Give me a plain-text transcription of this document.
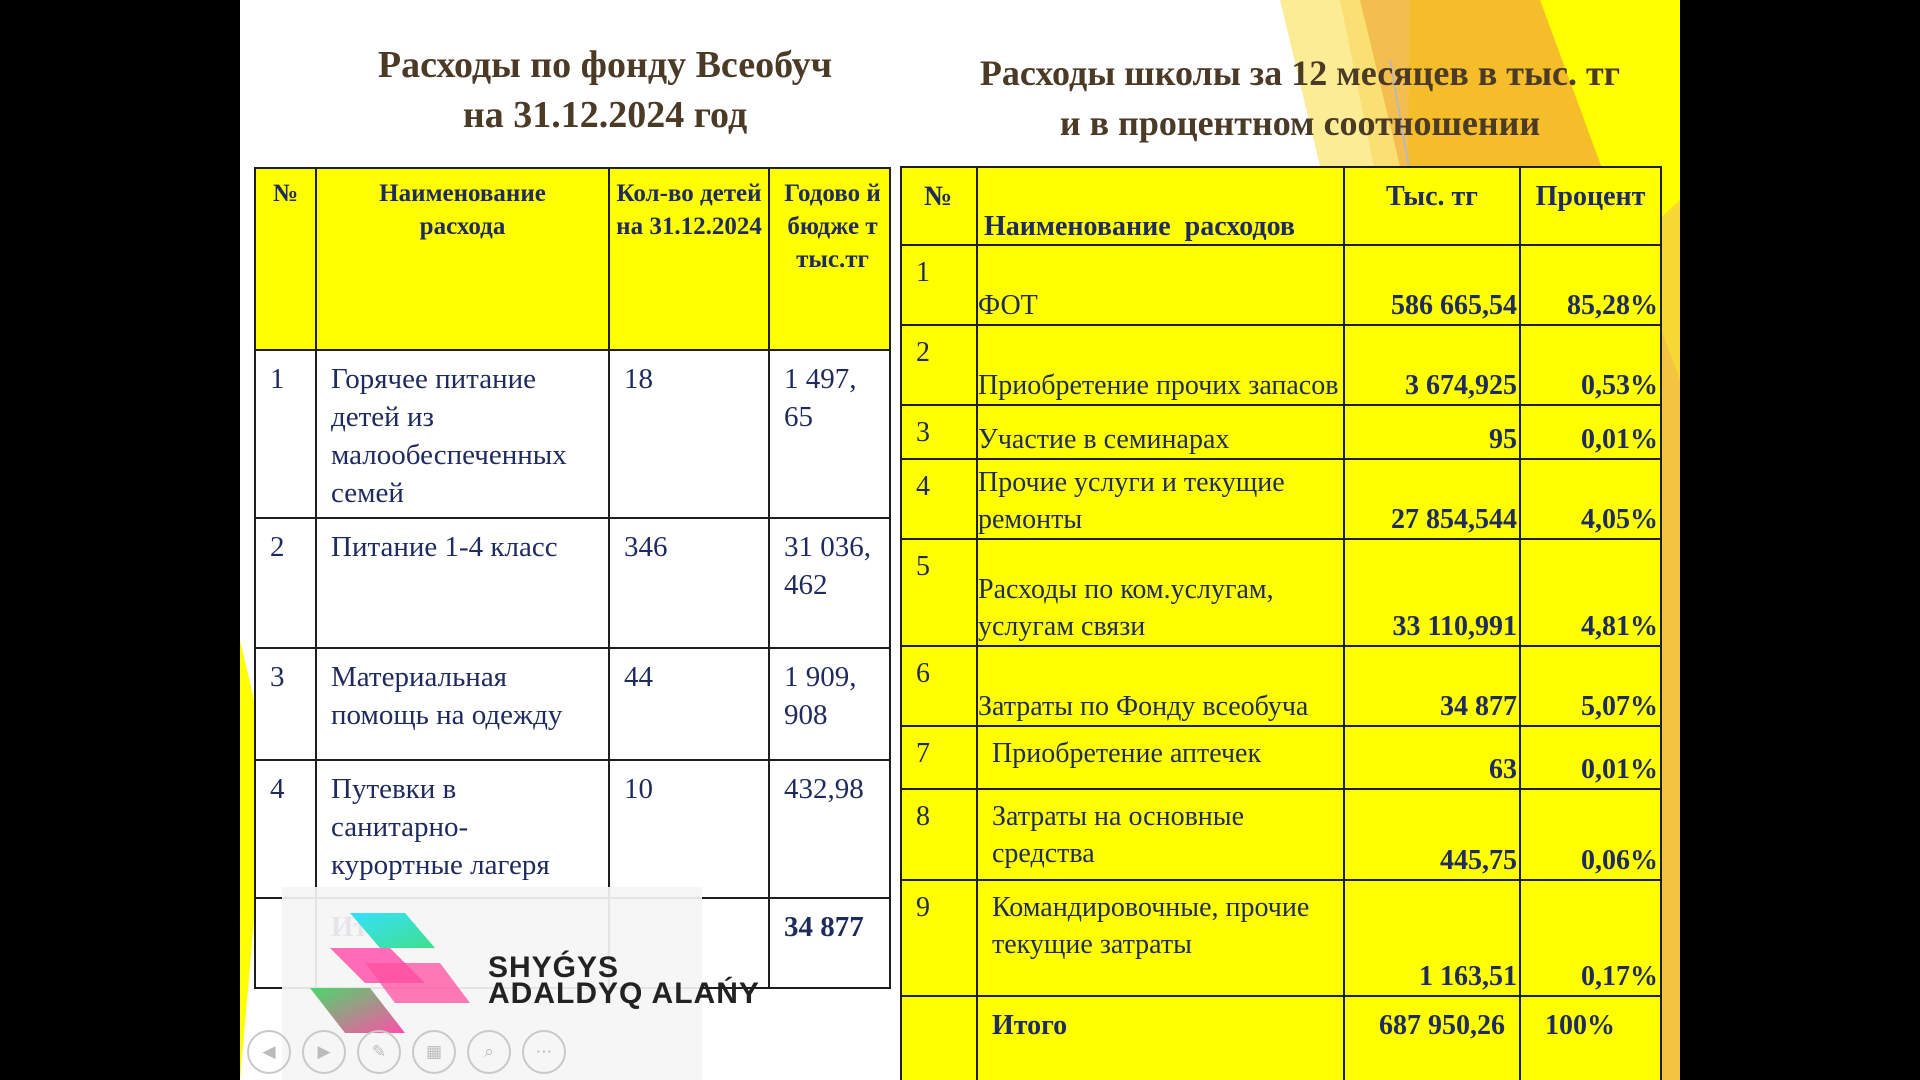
Расходы по фонду Всеобуч
на 31.12.2024 год
Расходы школы за 12 месяцев в тыс. тг
и в процентном соотношении
№	Наименование расхода	Кол-во детей на 31.12.2024	Годово й бюдже т тыс.тг
1	Горячее питание детей из малообеспеченных семей	18	1 497, 65
2	Питание 1-4 класс	346	31 036, 462
3	Материальная помощь на одежду	44	1 909, 908
4	Путевки в санитарно-курортные лагеря	10	432,98
			34 877
№	Наименование  расходов	Тыс. тг	Процент
1	ФОТ	586 665,54	85,28%
2	Приобретение прочих запасов	3 674,925	0,53%
3	Участие в семинарах	95	0,01%
4	Прочие услуги и текущие ремонты	27 854,544	4,05%
5	Расходы по ком.услугам, услугам связи	33 110,991	4,81%
6	Затраты по Фонду всеобуча	34 877	5,07%
7	Приобретение аптечек	63	0,01%
8	Затраты на основные средства	445,75	0,06%
9	Командировочные, прочие текущие затраты	1 163,51	0,17%
	Итого	687 950,26	100%
SHYǴYS
ADALDYQ ALAŃY
◀	▶	✎	▦	⌕	⋯
